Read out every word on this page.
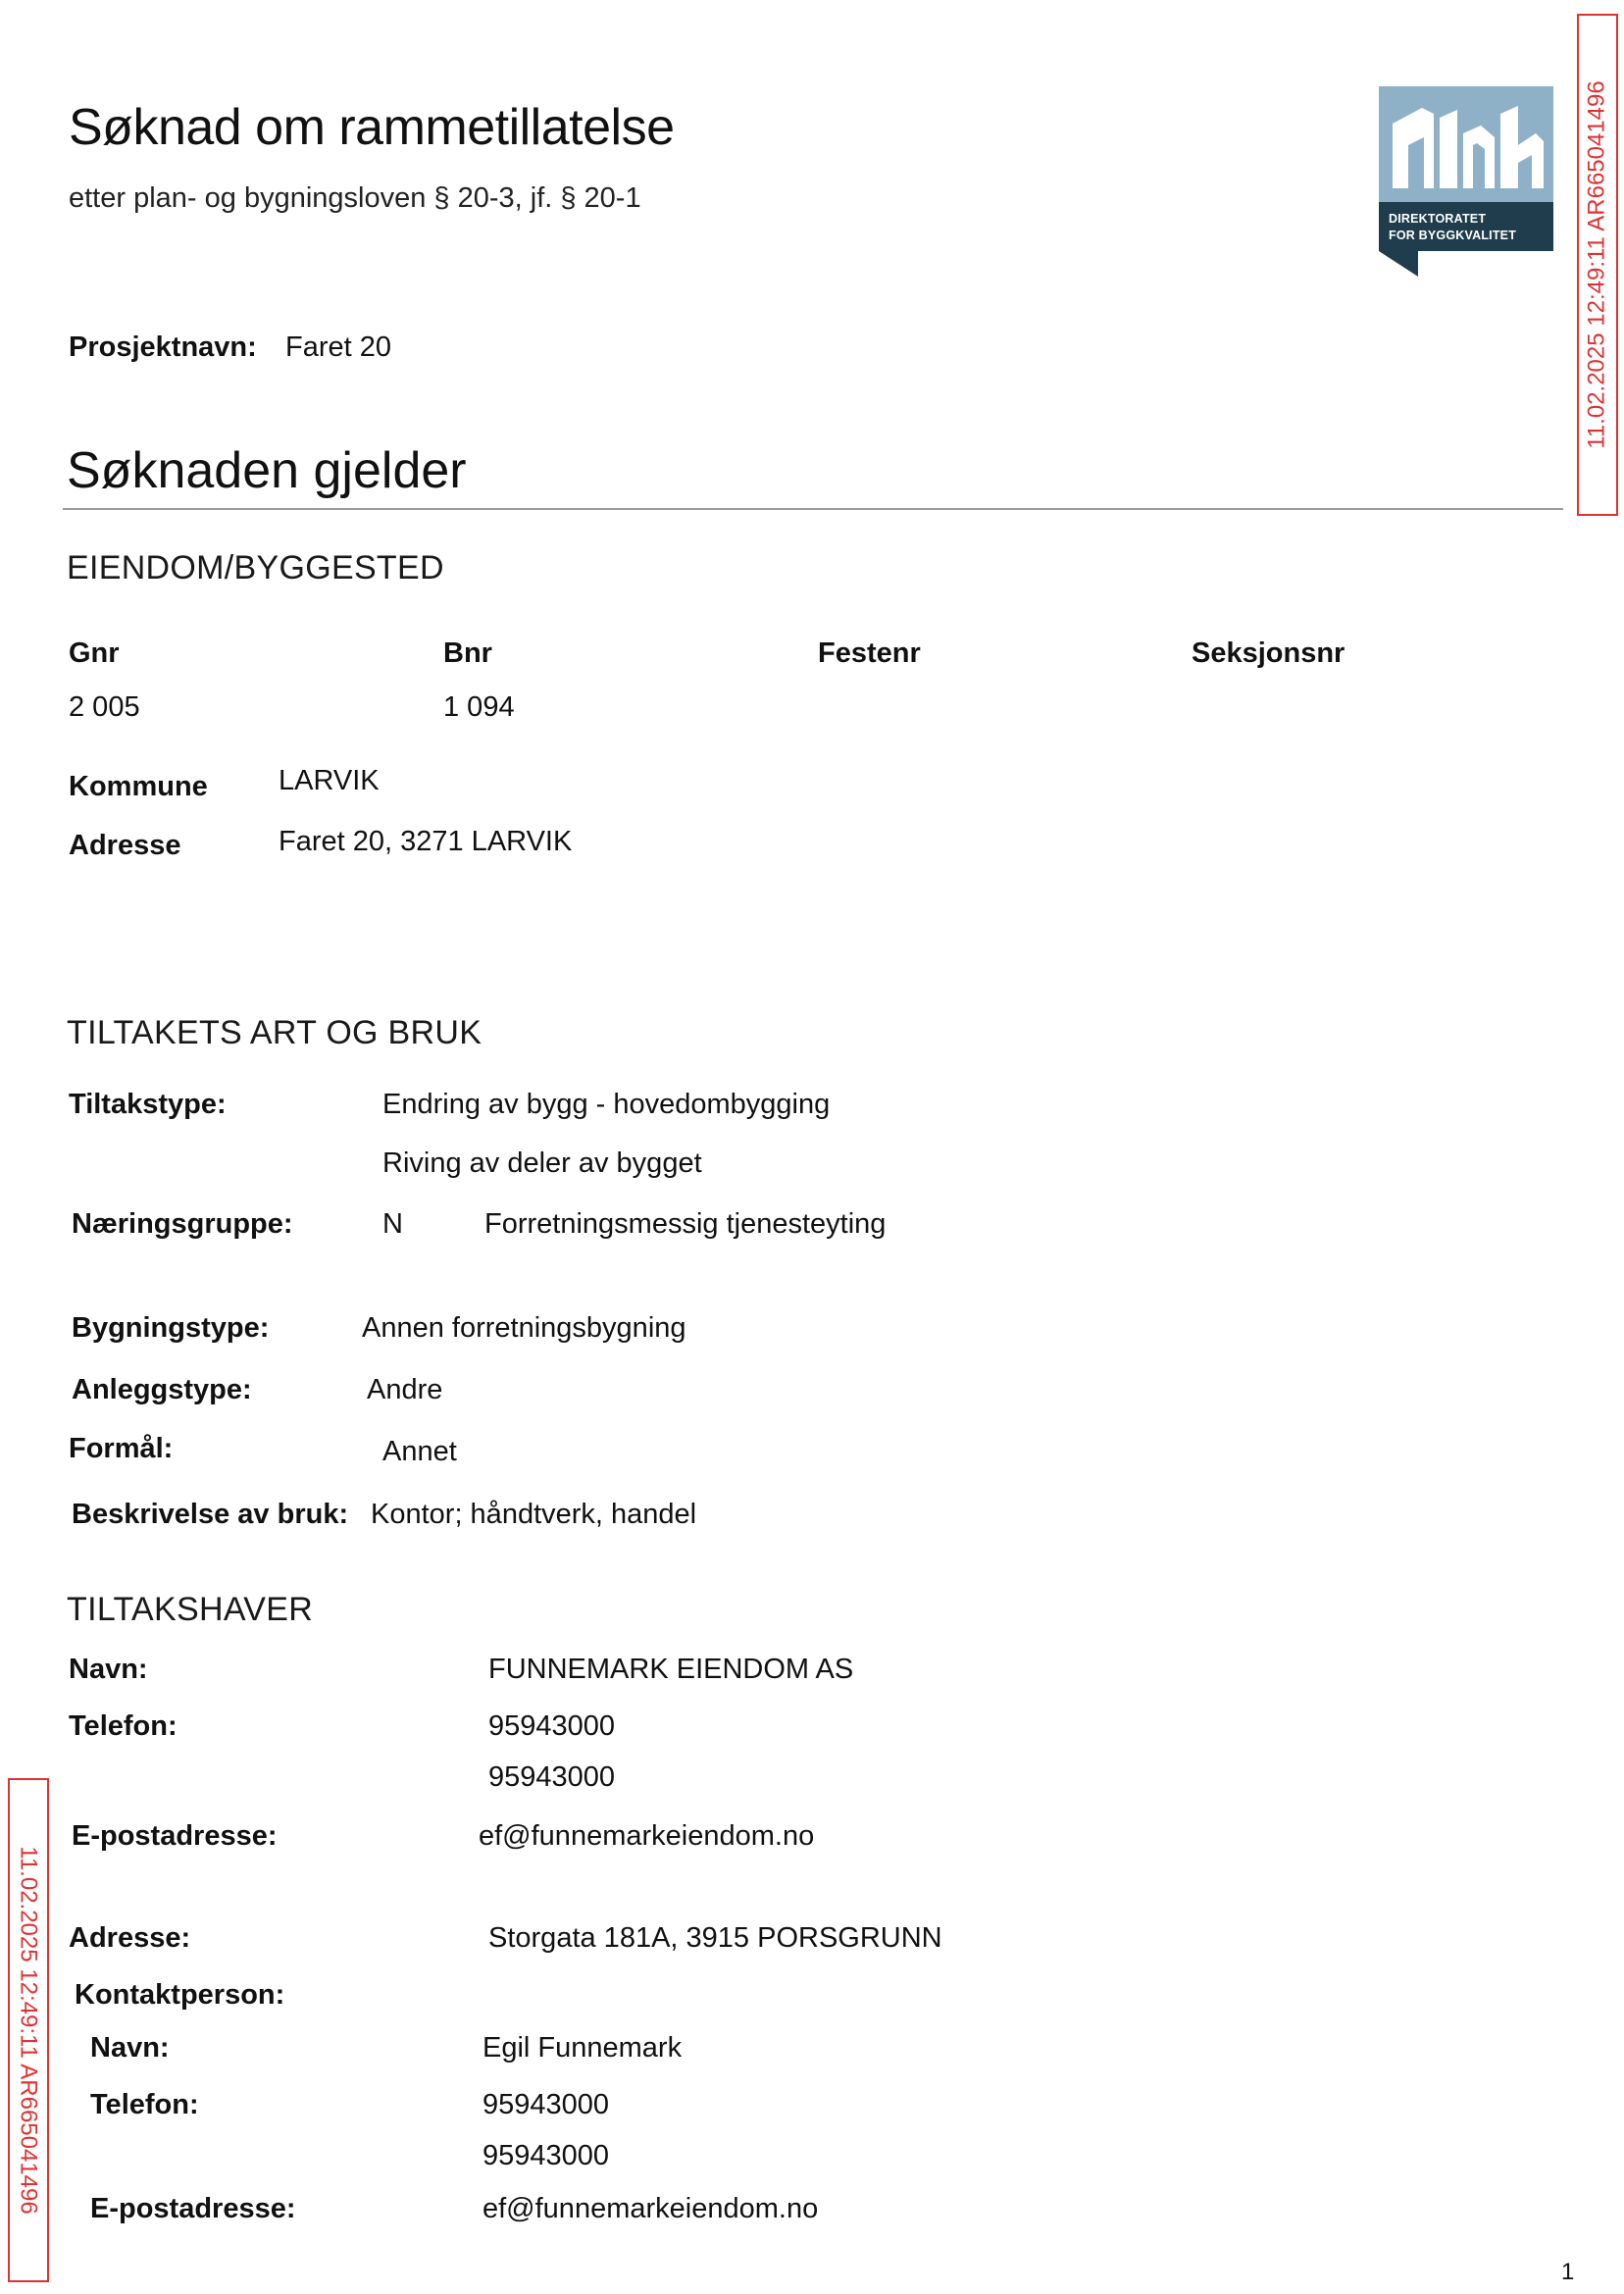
Søknad om rammetillatelse
etter plan- og bygningsloven § 20-3, jf. § 20-1
DIREKTORATET
FOR BYGGKVALITET
Prosjektnavn: Faret 20
Søknaden gjelder
EIENDOM/BYGGESTED
Gnr	Bnr	Festenr	Seksjonsnr
2 005	1 094
Kommune LARVIK
Adresse	Faret 20, 3271 LARVIK
TILTAKETS ART OG BRUK
Tiltakstype:	Endring av bygg - hovedombygging
Riving av deler av bygget
Næringsgruppe:	N	Forretningsmessig tjenesteyting
Bygningstype:	Annen forretningsbygning
Anleggstype:	Andre
Formål:	Annet
Beskrivelse av bruk: Kontor; håndtverk, handel
TILTAKSHAVER
Navn:	FUNNEMARK EIENDOM AS
Telefon:	95943000
95943000
E-postadresse:	ef@funnemarkeiendom.no
Adresse:	Storgata 181A, 3915 PORSGRUNN
Kontaktperson:
Navn:	Egil Funnemark
Telefon:	95943000
95943000
E-postadresse:	ef@funnemarkeiendom.no
11.02.2025 12:49:11 AR665041496
11.02.2025 12:49:11 AR665041496
1
